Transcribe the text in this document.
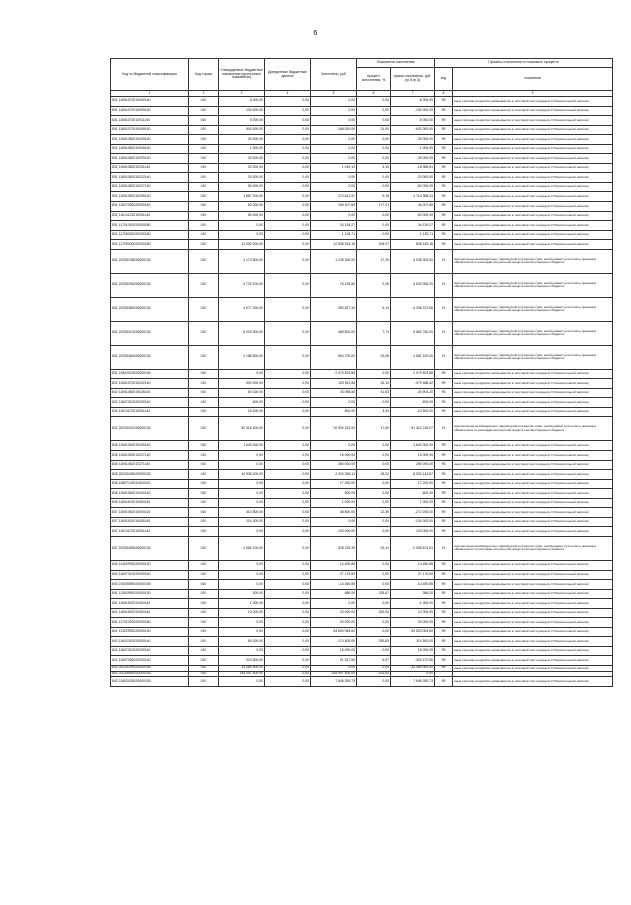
6
Код по бюджетной классификации	Код строки	Утвержденные бюджетные назначения (прогнозные показатели)	Доведенные бюджетные данные	Исполнено, руб	Показатели исполнения		Причины отклонения от планового процента	
					процент исполнения, %	сумма отклонения, руб. (гр.5-гр.3)	код	пояснения
1	2	3	4	5	6	7	8	9
831 11601072010002140	010	5 000,00	0,00	0,00	0,00	-5 000,00	99	иные причины (подробно раскрывается в текстовой части раздела 3 Пояснительной записки)
831 11601072010009140	010	130 000,00	0,00	0,00	0,00	-130 000,00	99	иные причины (подробно раскрывается в текстовой части раздела 3 Пояснительной записки)
831 11601072010011140	010	5 000,00	0,00	0,00	0,00	-5 000,00	99	иные причины (подробно раскрывается в текстовой части раздела 3 Пояснительной записки)
831 11601072010009140	010	800 000,00	0,00	168 000,00	21,00	-632 000,00	99	иные причины (подробно раскрывается в текстовой части раздела 3 Пояснительной записки)
831 11601082010025140	010	30 000,00	0,00	0,00	0,00	-30 000,00	99	иные причины (подробно раскрывается в текстовой части раздела 3 Пояснительной записки)
831 11601082010026140	010	1 000,00	0,00	0,00	0,00	-1 000,00	99	иные причины (подробно раскрывается в текстовой части раздела 3 Пояснительной записки)
831 11601082010029140	010	30 000,00	0,00	0,00	0,00	-30 000,00	99	иные причины (подробно раскрывается в текстовой части раздела 3 Пояснительной записки)
831 11601082010031140	010	20 000,00	0,00	1 019,19	5,10	-18 980,81	99	иные причины (подробно раскрывается в текстовой части раздела 3 Пояснительной записки)
831 11601082010032140	010	20 000,00	0,00	0,00	0,00	-20 000,00	99	иные причины (подробно раскрывается в текстовой части раздела 3 Пояснительной записки)
831 11601082010037140	010	50 000,00	0,00	0,00	0,00	-50 000,00	99	иные причины (подробно раскрывается в текстовой части раздела 3 Пояснительной записки)
831 11601082010039140	010	1 887 000,00	0,00	172 641,57	9,15	-1 714 358,43	99	иные причины (подробно раскрывается в текстовой части раздела 3 Пояснительной записки)
831 11607090020000140	010	60 000,00	0,00	106 207,65	177,01	46 207,65	99	иные причины (подробно раскрывается в текстовой части раздела 3 Пояснительной записки)
831 11610122010001140	010	50 000,00	0,00	0,00	0,00	-50 000,00	99	иные причины (подробно раскрывается в текстовой части раздела 3 Пояснительной записки)
831 11701020020000180	010	0,00	0,00	34 134,27	0,00	34 134,27	99	иные причины (подробно раскрывается в текстовой части раздела 3 Пояснительной записки)
831 11705020020000180	010	0,00	0,00	1 125,71	0,00	1 125,71	99	иные причины (подробно раскрывается в текстовой части раздела 3 Пояснительной записки)
831 11709000020000180	010	12 000 000,00	0,00	12 836 515,18	106,97	836 515,18	99	иные причины (подробно раскрывается в текстовой части раздела 3 Пояснительной записки)
831 20235138020000150	010	4 174 600,00	0,00	1 139 300,00	27,29	-3 035 300,00	13	перечисление межбюджетных трансфертов в пределах сумм, необходимых для оплаты денежных обязательств по расходам получателей средств соответствующего бюджета
831 20235250020000150	010	3 720 100,00	0,00	76 135,80	2,05	-3 643 965,20	13	перечисление межбюджетных трансфертов в пределах сумм, необходимых для оплаты денежных обязательств по расходам получателей средств соответствующего бюджета
831 20235380020000150	010	4 577 200,00	0,00	280 827,34	6,14	-4 296 372,66	13	перечисление межбюджетных трансфертов в пределах сумм, необходимых для оплаты денежных обязательств по расходам получателей средств соответствующего бюджета
831 20235414020000150	010	6 029 500,00	0,00	466 800,00	7,74	-5 562 760,00	13	перечисление межбюджетных трансфертов в пределах сумм, необходимых для оплаты денежных обязательств по расходам получателей средств соответствующего бюджета
831 20235460020000150	010	2 186 800,00	0,00	504 700,00	23,08	-1 682 100,00	13	перечисление межбюджетных трансфертов в пределах сумм, необходимых для оплаты денежных обязательств по расходам получателей средств соответствующего бюджета
831 21802010020000150	010	0,00	0,00	2 070 823,86	0,00	2 070 823,86	99	иные причины (подробно раскрывается в текстовой части раздела 3 Пояснительной записки)
832 11601072010002140	010	500 000,00	0,00	120 511,58	24,10	-379 488,42	99	иные причины (подробно раскрывается в текстовой части раздела 3 Пояснительной записки)
832 11601082010026140	010	60 000,00	0,00	25 095,80	41,83	-34 904,20	99	иные причины (подробно раскрывается в текстовой части раздела 3 Пояснительной записки)
832 11607010020000140	010	600,00	0,00	0,00	0,00	-600,00	99	иные причины (подробно раскрывается в текстовой части раздела 3 Пояснительной записки)
832 11610122010001140	010	15 000,00	0,00	500,00	3,33	-14 500,00	99	иные причины (подробно раскрывается в текстовой части раздела 3 Пояснительной записки)
832 20225421020000150	010	62 316 400,00	0,00	10 904 181,93	17,50	-51 412 218,07	13	перечисление межбюджетных трансфертов в пределах сумм, необходимых для оплаты денежных обязательств по расходам получателей средств соответствующего бюджета
835 11601052010035140	010	1 640 000,00	0,00	0,00	0,00	-1 640 000,00	99	иные причины (подробно раскрывается в текстовой части раздела 3 Пояснительной записки)
835 11601052010027140	010	0,00	0,00	15 000,00	0,00	15 000,00	99	иные причины (подробно раскрывается в текстовой части раздела 3 Пояснительной записки)
835 11601062010271140	010	0,00	0,00	280 000,00	0,00	280 000,00	99	иные причины (подробно раскрывается в текстовой части раздела 3 Пояснительной записки)
835 20225435020000150	010	10 936 400,00	0,00	2 003 256,13	18,32	-8 933 143,87	99	иные причины (подробно раскрывается в текстовой части раздела 3 Пояснительной записки)
836 10807142010000110	010	0,00	0,00	17 200,00	0,00	17 200,00	99	иные причины (подробно раскрывается в текстовой части раздела 3 Пояснительной записки)
836 11601062010000140	010	0,00	0,00	600,00	0,00	600,00	99	иные причины (подробно раскрывается в текстовой части раздела 3 Пояснительной записки)
836 11601102010000140	010	0,00	0,00	1 000,00	0,00	1 000,00	99	иные причины (подробно раскрывается в текстовой части раздела 3 Пояснительной записки)
837 11601062010000140	010	310 800,00	0,00	38 600,00	12,39	-272 200,00	99	иные причины (подробно раскрывается в текстовой части раздела 3 Пояснительной записки)
837 11601192010005140	010	124 300,00	0,00	0,00	0,00	-124 300,00	99	иные причины (подробно раскрывается в текстовой части раздела 3 Пояснительной записки)
837 11610122010001140	010	0,00	0,00	103 000,00	0,00	103 000,00	99	иные причины (подробно раскрывается в текстовой части раздела 3 Пояснительной записки)
837 20235469020000150	010	2 684 100,00	0,00	628 225,39	23,41	-2 055 874,61	13	перечисление межбюджетных трансфертов в пределах сумм, необходимых для оплаты денежных обязательств по расходам получателей средств соответствующего бюджета
840 11302992020000130	010	0,00	0,00	14 450,85	0,00	14 450,85	99	иные причины (подробно раскрывается в текстовой части раздела 3 Пояснительной записки)
840 11607010020000140	010	0,00	0,00	27 176,50	0,00	27 176,50	99	иные причины (подробно раскрывается в текстовой части раздела 3 Пояснительной записки)
840 21925555020000150	010	0,00	0,00	-14 450,85	0,00	-14 450,85	99	иные причины (подробно раскрывается в текстовой части раздела 3 Пояснительной записки)
841 11302992020000130	010	300,00	0,00	686,00	228,67	386,00	99	иные причины (подробно раскрывается в текстовой части раздела 3 Пояснительной записки)
841 11601152010000140	010	1 000,00	0,00	0,00	0,00	-1 000,00	99	иные причины (подробно раскрывается в текстовой части раздела 3 Пояснительной записки)
841 11601182010000140	010	10 000,00	0,00	20 000,00	200,00	10 000,00	99	иные причины (подробно раскрывается в текстовой части раздела 3 Пояснительной записки)
841 11701020020000180	010	0,00	0,00	20 000,00	0,00	20 000,00	99	иные причины (подробно раскрывается в текстовой части раздела 3 Пояснительной записки)
841 11302992020000130	010	0,00	0,00	53 603 054,60	0,00	53 603 054,60	99	иные причины (подробно раскрывается в текстовой части раздела 3 Пояснительной записки)
842 11602010020000140	010	60 000,00	0,00	174 500,00	290,83	114 500,00	99	иные причины (подробно раскрывается в текстовой части раздела 3 Пояснительной записки)
842 11607010020000140	010	0,00	0,00	15 000,00	0,00	15 000,00	99	иные причины (подробно раскрывается в текстовой части раздела 3 Пояснительной записки)
842 11607090020000140	010	324 800,00	0,00	21 327,50	6,57	-303 472,50	99	иные причины (подробно раскрывается в текстовой части раздела 3 Пояснительной записки)
842 20225299020000150	010	33 489 900,00	0,00	0,00	0,00	-33 489 900,00	99	иные причины (подробно раскрывается в текстовой части раздела 3 Пояснительной записки)
842 20235554020000150	010	145 057 400,00	0,00	145 057 400,00	100,00	0,00		
842 21802030020000150	010	0,00	0,00	7 646 390,73	0,00	7 646 390,73	99	иные причины (подробно раскрывается в текстовой части раздела 3 Пояснительной записки)
